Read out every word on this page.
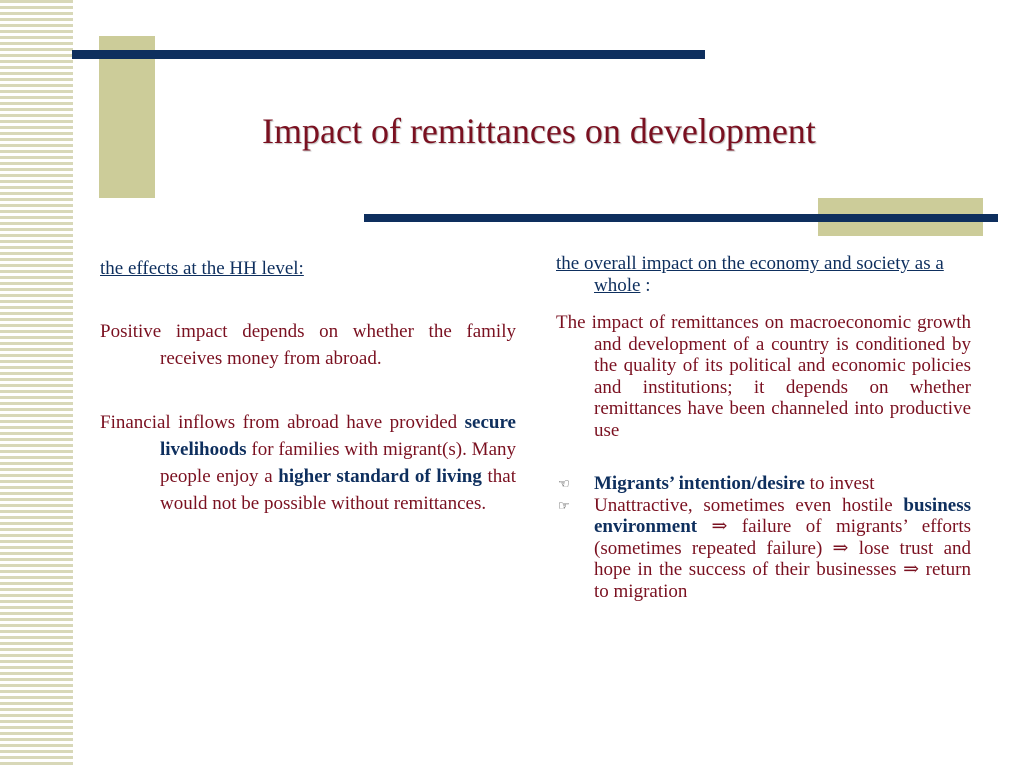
Impact of remittances on development

the effects at the HH level:

Positive impact depends on whether the family receives money from abroad.

Financial inflows from abroad have provided secure livelihoods for families with migrant(s). Many people enjoy a higher standard of living that would not be possible without remittances.

the overall impact on the economy and society as a whole :

The impact of remittances on macroeconomic growth and development of a country is conditioned by the quality of its political and economic policies and institutions; it depends on whether remittances have been channeled into productive use

☜ Migrants’ intention/desire to invest

☞ Unattractive, sometimes even hostile business environment ⇒ failure of migrants’ efforts (sometimes repeated failure) ⇒ lose trust and hope in the success of their businesses ⇒ return to migration
